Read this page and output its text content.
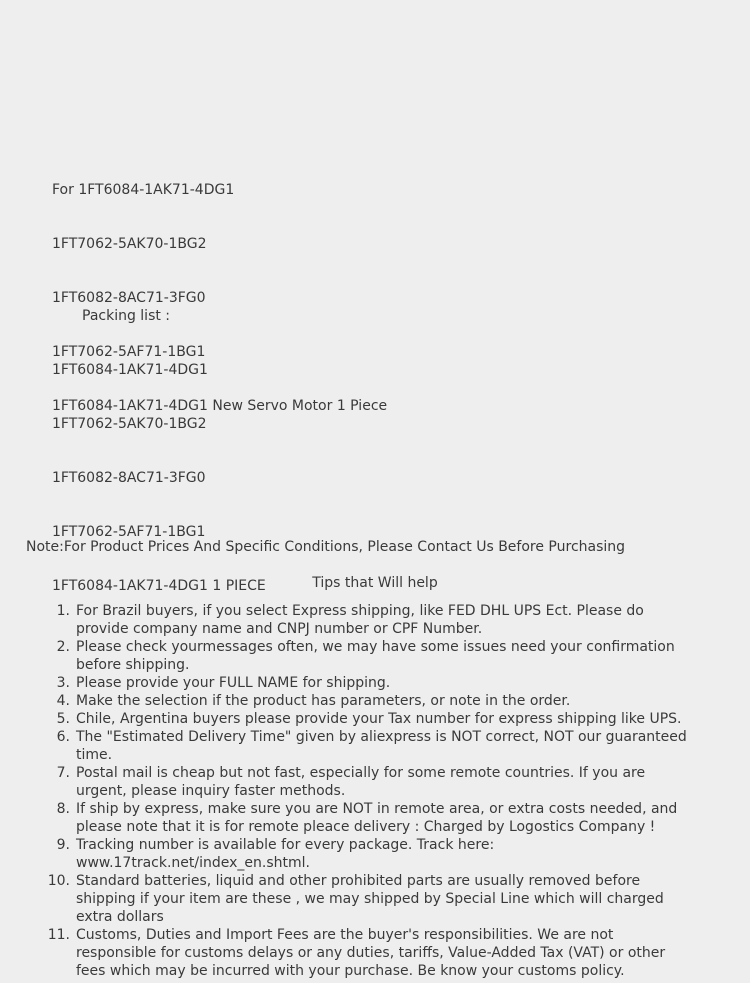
For 1FT6084-1AK71-4DG1

1FT7062-5AK70-1BG2

1FT6082-8AC71-3FG0

1FT7062-5AF71-1BG1

1FT6084-1AK71-4DG1 New Servo Motor 1 Piece

Packing list :

1FT6084-1AK71-4DG1

1FT7062-5AK70-1BG2

1FT6082-8AC71-3FG0

1FT7062-5AF71-1BG1

1FT6084-1AK71-4DG1 1 PIECE

Note:For Product Prices And Specific Conditions, Please Contact Us Before Purchasing
Tips that Will help
1. For Brazil buyers, if you select Express shipping, like FED DHL UPS Ect. Please do
provide company name and CNPJ number or CPF Number.
2. Please check yourmessages often, we may have some issues need your confirmation
before shipping.
3. Please provide your FULL NAME for shipping.
4. Make the selection if the product has parameters, or note in the order.
5. Chile, Argentina buyers please provide your Tax number for express shipping like UPS.
6. The "Estimated Delivery Time" given by aliexpress is NOT correct, NOT our guaranteed
time.
7. Postal mail is cheap but not fast, especially for some remote countries. If you are
urgent, please inquiry faster methods.
8. If ship by express, make sure you are NOT in remote area, or extra costs needed, and
please note that it is for remote pleace delivery : Charged by Logostics Company !
9. Tracking number is available for every package. Track here:
www.17track.net/index_en.shtml.
10. Standard batteries, liquid and other prohibited parts are usually removed before
shipping if your item are these , we may shipped by Special Line which will charged
extra dollars
11. Customs, Duties and Import Fees are the buyer's responsibilities. We are not
responsible for customs delays or any duties, tariffs, Value-Added Tax (VAT) or other
fees which may be incurred with your purchase. Be know your customs policy.
